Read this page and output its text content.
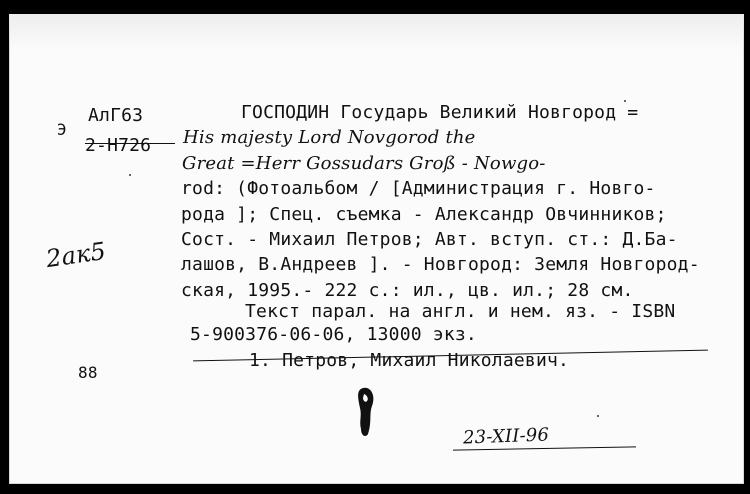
Э
АлГ63
2-Н726
ГОСПОДИН Государь Великий Новгород =
His majesty Lord Novgorod the
Great =Herr Gossudars Groß - Nowgo-
rod: (Фотоальбом / [Администрация г. Новго-
рода ]; Спец. съемка - Александр Овчинников;
Сост. - Михаил Петров; Авт. вступ. ст.: Д.Ба-
лашов, В.Андреев ]. - Новгород: Земля Новгород-
ская, 1995.- 222 с.: ил., цв. ил.; 28 см.
Текст парал. на англ. и нем. яз. - ISBN
5-900376-06-06, 13000 экз.
1. Петров, Михаил Николаевич.
2ак5
88
23-XII-96
